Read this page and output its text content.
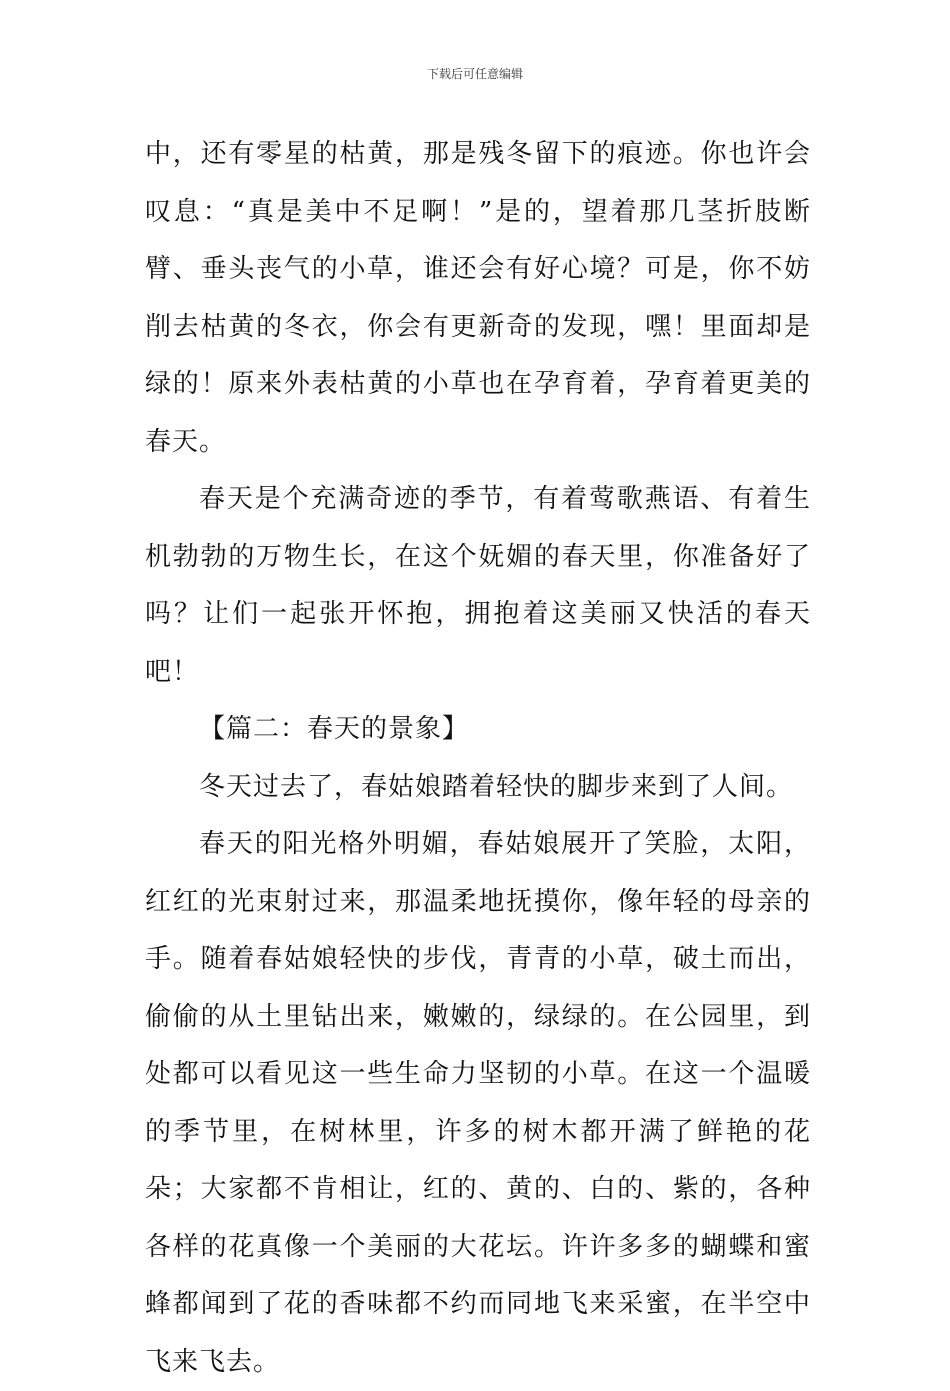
下载后可任意编辑

中，还有零星的枯黄，那是残冬留下的痕迹。你也许会叹息：“真是美中不足啊！”是的，望着那几茎折肢断臂、垂头丧气的小草，谁还会有好心境？可是，你不妨削去枯黄的冬衣，你会有更新奇的发现，嘿！里面却是绿的！原来外表枯黄的小草也在孕育着，孕育着更美的春天。

春天是个充满奇迹的季节，有着莺歌燕语、有着生机勃勃的万物生长，在这个妩媚的春天里，你准备好了吗？让们一起张开怀抱，拥抱着这美丽又快活的春天吧！

【篇二：春天的景象】

冬天过去了，春姑娘踏着轻快的脚步来到了人间。

春天的阳光格外明媚，春姑娘展开了笑脸，太阳，红红的光束射过来，那温柔地抚摸你，像年轻的母亲的手。随着春姑娘轻快的步伐，青青的小草，破土而出，偷偷的从土里钻出来，嫩嫩的，绿绿的。在公园里，到处都可以看见这一些生命力坚韧的小草。在这一个温暖的季节里，在树林里，许多的树木都开满了鲜艳的花朵；大家都不肯相让，红的、黄的、白的、紫的，各种各样的花真像一个美丽的大花坛。许许多多的蝴蝶和蜜蜂都闻到了花的香味都不约而同地飞来采蜜，在半空中飞来飞去。
